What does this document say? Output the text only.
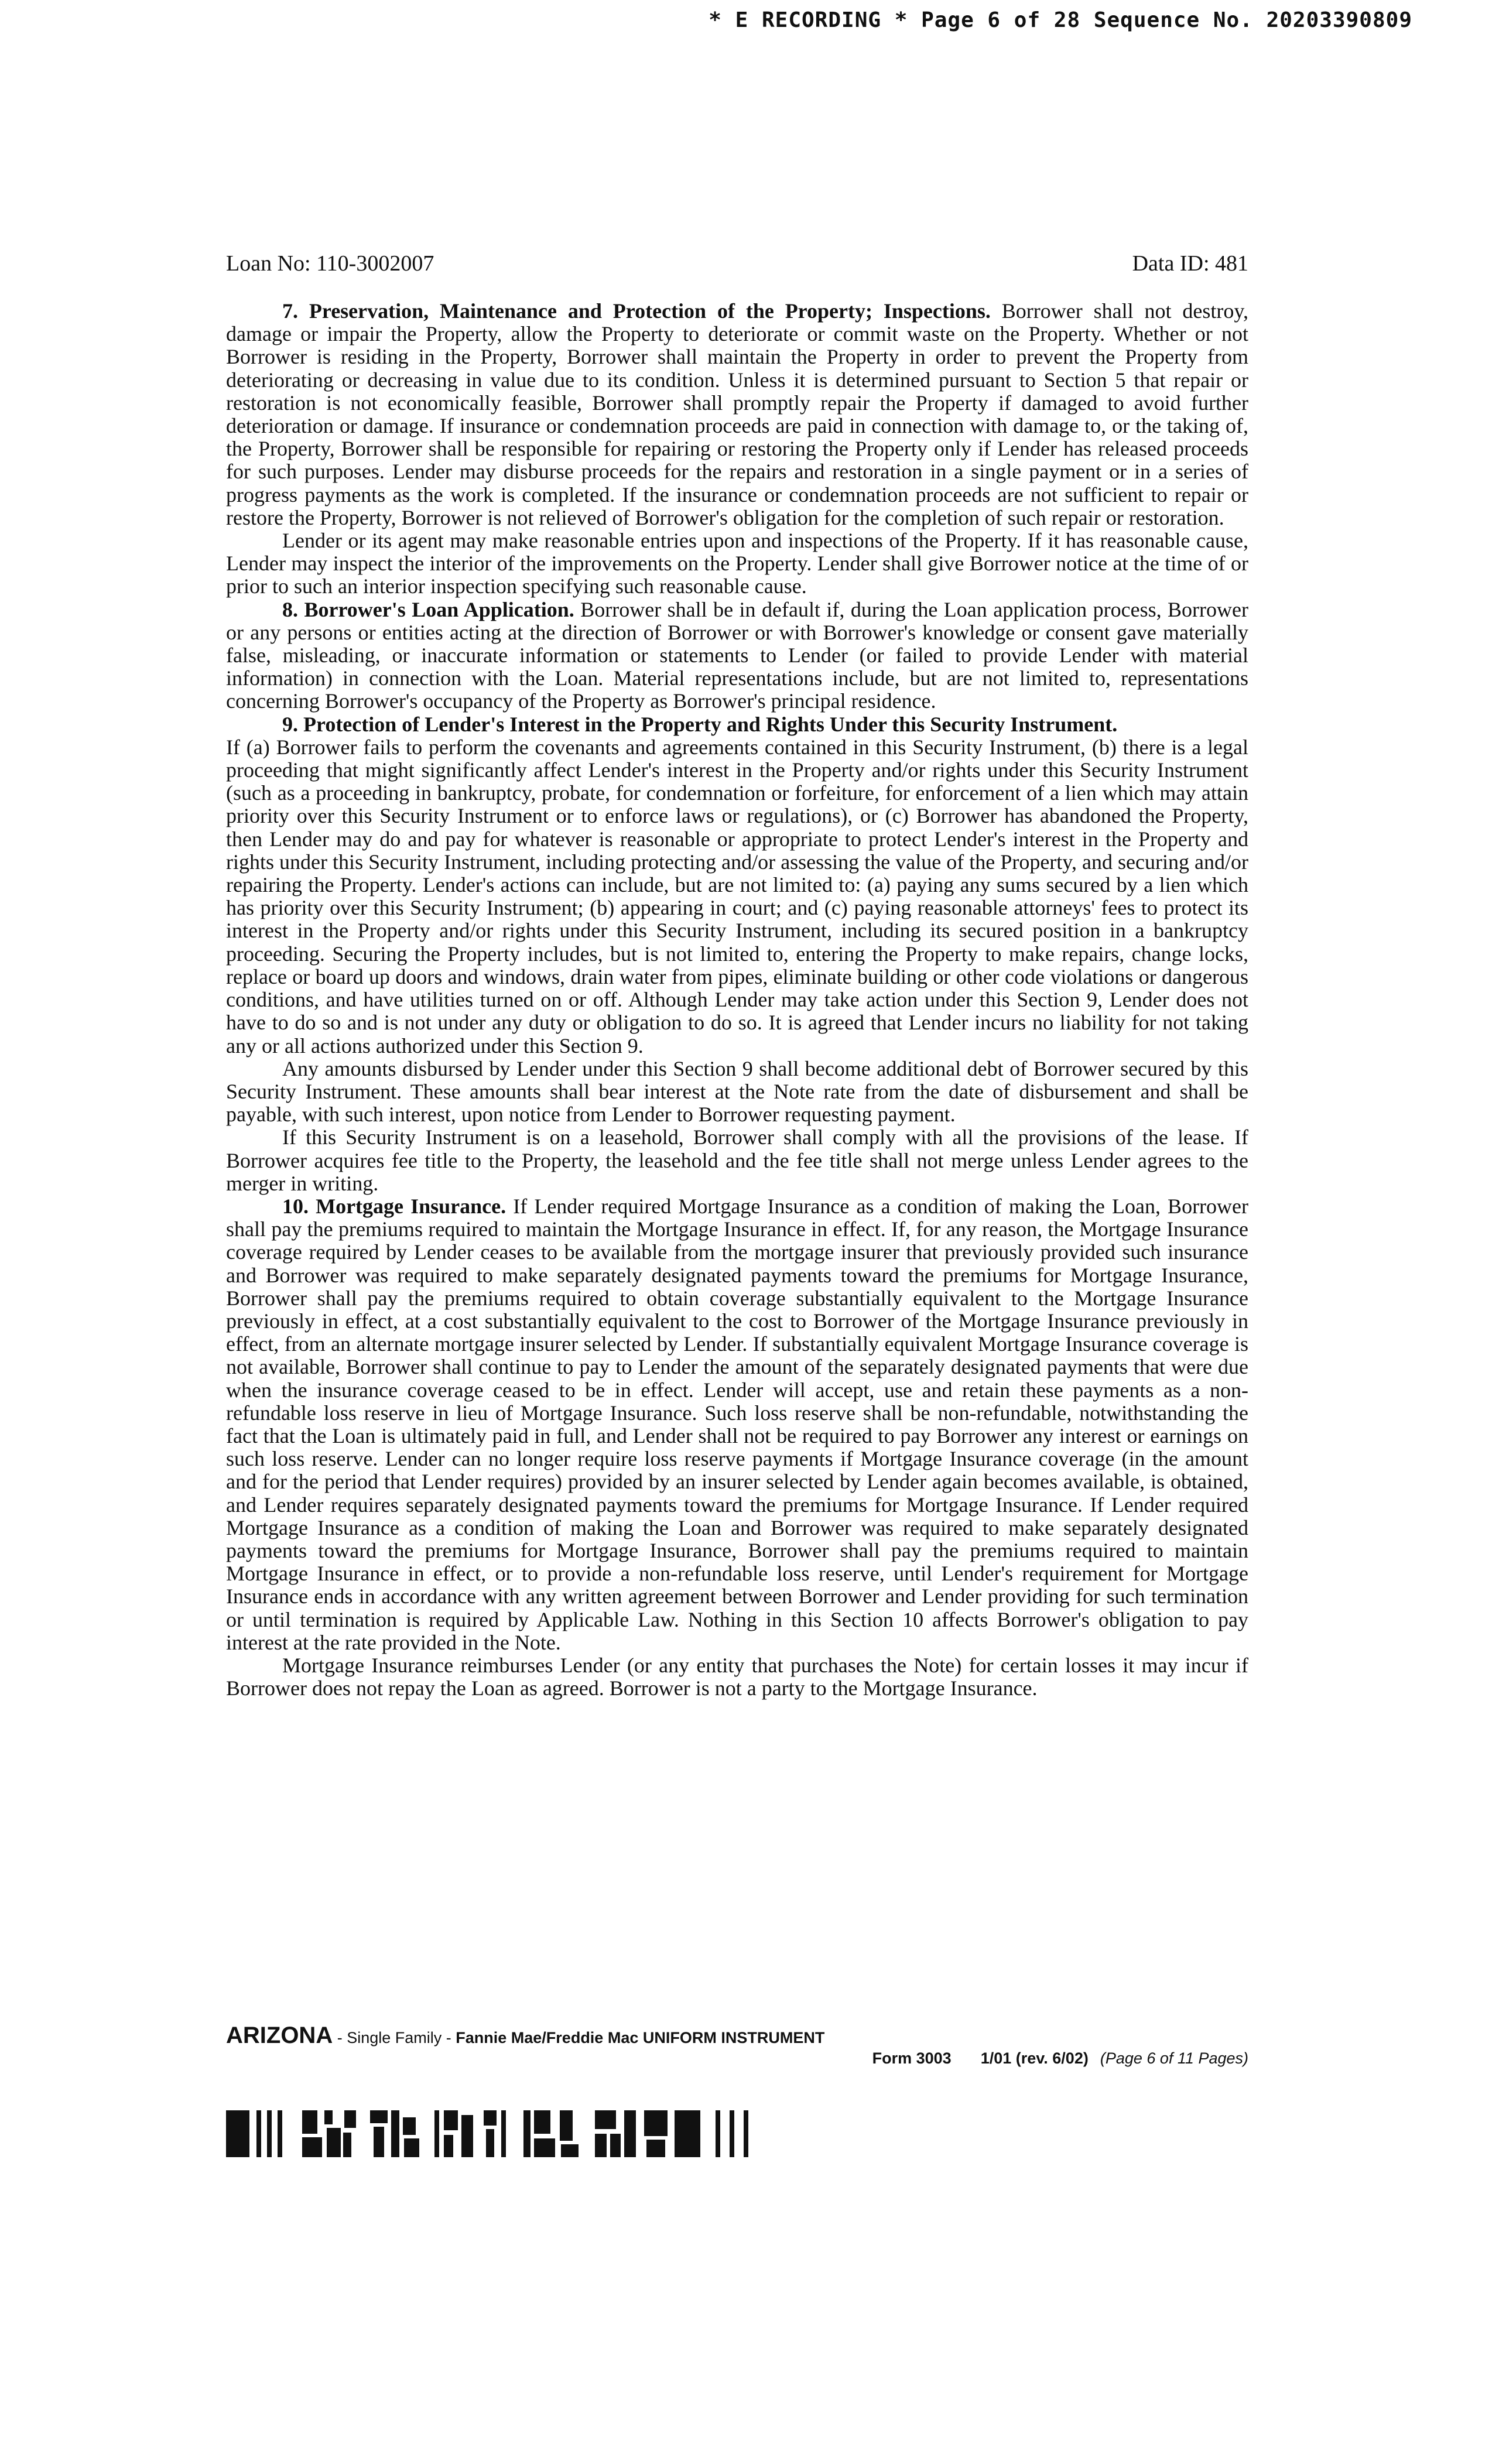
* E RECORDING * Page 6 of 28 Sequence No. 20203390809
Loan No: 110-3002007	Data ID: 481

7. Preservation, Maintenance and Protection of the Property; Inspections. Borrower shall not destroy, damage or impair the Property, allow the Property to deteriorate or commit waste on the Property. Whether or not Borrower is residing in the Property, Borrower shall maintain the Property in order to prevent the Property from deteriorating or decreasing in value due to its condition. Unless it is determined pursuant to Section 5 that repair or restoration is not economically feasible, Borrower shall promptly repair the Property if damaged to avoid further deterioration or damage. If insurance or condemnation proceeds are paid in connection with damage to, or the taking of, the Property, Borrower shall be responsible for repairing or restoring the Property only if Lender has released proceeds for such purposes. Lender may disburse proceeds for the repairs and restoration in a single payment or in a series of progress payments as the work is completed. If the insurance or condemnation proceeds are not sufficient to repair or restore the Property, Borrower is not relieved of Borrower's obligation for the completion of such repair or restoration.

Lender or its agent may make reasonable entries upon and inspections of the Property. If it has reasonable cause, Lender may inspect the interior of the improvements on the Property. Lender shall give Borrower notice at the time of or prior to such an interior inspection specifying such reasonable cause.

8. Borrower's Loan Application. Borrower shall be in default if, during the Loan application process, Borrower or any persons or entities acting at the direction of Borrower or with Borrower's knowledge or consent gave materially false, misleading, or inaccurate information or statements to Lender (or failed to provide Lender with material information) in connection with the Loan. Material representations include, but are not limited to, representations concerning Borrower's occupancy of the Property as Borrower's principal residence.

9. Protection of Lender's Interest in the Property and Rights Under this Security Instrument.

If (a) Borrower fails to perform the covenants and agreements contained in this Security Instrument, (b) there is a legal proceeding that might significantly affect Lender's interest in the Property and/or rights under this Security Instrument (such as a proceeding in bankruptcy, probate, for condemnation or forfeiture, for enforcement of a lien which may attain priority over this Security Instrument or to enforce laws or regulations), or (c) Borrower has abandoned the Property, then Lender may do and pay for whatever is reasonable or appropriate to protect Lender's interest in the Property and rights under this Security Instrument, including protecting and/or assessing the value of the Property, and securing and/or repairing the Property. Lender's actions can include, but are not limited to: (a) paying any sums secured by a lien which has priority over this Security Instrument; (b) appearing in court; and (c) paying reasonable attorneys' fees to protect its interest in the Property and/or rights under this Security Instrument, including its secured position in a bankruptcy proceeding. Securing the Property includes, but is not limited to, entering the Property to make repairs, change locks, replace or board up doors and windows, drain water from pipes, eliminate building or other code violations or dangerous conditions, and have utilities turned on or off. Although Lender may take action under this Section 9, Lender does not have to do so and is not under any duty or obligation to do so. It is agreed that Lender incurs no liability for not taking any or all actions authorized under this Section 9.

Any amounts disbursed by Lender under this Section 9 shall become additional debt of Borrower secured by this Security Instrument. These amounts shall bear interest at the Note rate from the date of disbursement and shall be payable, with such interest, upon notice from Lender to Borrower requesting payment.

If this Security Instrument is on a leasehold, Borrower shall comply with all the provisions of the lease. If Borrower acquires fee title to the Property, the leasehold and the fee title shall not merge unless Lender agrees to the merger in writing.

10. Mortgage Insurance. If Lender required Mortgage Insurance as a condition of making the Loan, Borrower shall pay the premiums required to maintain the Mortgage Insurance in effect. If, for any reason, the Mortgage Insurance coverage required by Lender ceases to be available from the mortgage insurer that previously provided such insurance and Borrower was required to make separately designated payments toward the premiums for Mortgage Insurance, Borrower shall pay the premiums required to obtain coverage substantially equivalent to the Mortgage Insurance previously in effect, at a cost substantially equivalent to the cost to Borrower of the Mortgage Insurance previously in effect, from an alternate mortgage insurer selected by Lender. If substantially equivalent Mortgage Insurance coverage is not available, Borrower shall continue to pay to Lender the amount of the separately designated payments that were due when the insurance coverage ceased to be in effect. Lender will accept, use and retain these payments as a non-refundable loss reserve in lieu of Mortgage Insurance. Such loss reserve shall be non-refundable, notwithstanding the fact that the Loan is ultimately paid in full, and Lender shall not be required to pay Borrower any interest or earnings on such loss reserve. Lender can no longer require loss reserve payments if Mortgage Insurance coverage (in the amount and for the period that Lender requires) provided by an insurer selected by Lender again becomes available, is obtained, and Lender requires separately designated payments toward the premiums for Mortgage Insurance. If Lender required Mortgage Insurance as a condition of making the Loan and Borrower was required to make separately designated payments toward the premiums for Mortgage Insurance, Borrower shall pay the premiums required to maintain Mortgage Insurance in effect, or to provide a non-refundable loss reserve, until Lender's requirement for Mortgage Insurance ends in accordance with any written agreement between Borrower and Lender providing for such termination or until termination is required by Applicable Law. Nothing in this Section 10 affects Borrower's obligation to pay interest at the rate provided in the Note.

Mortgage Insurance reimburses Lender (or any entity that purchases the Note) for certain losses it may incur if Borrower does not repay the Loan as agreed. Borrower is not a party to the Mortgage Insurance.

ARIZONA - Single Family - Fannie Mae/Freddie Mac UNIFORM INSTRUMENT
Form 3003 1/01 (rev. 6/02) (Page 6 of 11 Pages)
